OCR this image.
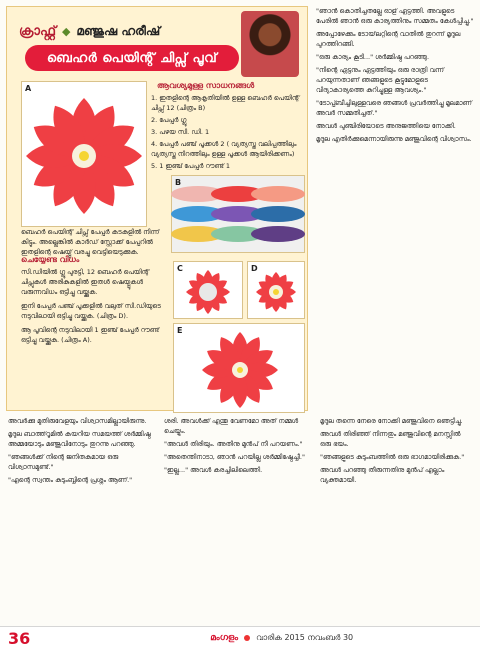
ക്രാഫ്റ്റ് ◆ മഞ്ജുഷ ഹരീഷ്
ബെഹർ പെയിന്റ് ചിപ്സ് പൂവ്
A	ആവശ്യമുള്ള സാധനങ്ങൾ
1. ഇതളിന്റെ ആകൃതിയിൽ ഉള്ള ബെഹർ പെയിന്റ് ചിപ്സ് 12 (ചിത്രം B)
2. പേപ്പർ ഗ്ലൂ
3. പഴയ സി. ഡി. 1
4. പേപ്പർ പഞ്ച് പൂക്കൾ 2 ( വ്യത്യസ്ത വലിപ്പത്തിലും വ്യത്യസ്ത നിറത്തിലും ഉള്ള പൂക്കൾ ആയിരിക്കണം)
5. 1 ഇഞ്ച് പേപ്പർ റൗണ്ട് 1
B
ബെഹർ പെയിന്റ് ചിപ്സ് പേപ്പർ കടകളിൽ നിന്ന് കിട്ടും. അല്ലെങ്കിൽ കാർഡ് സ്റ്റോക്ക് പേപ്പറിൽ ഇതളിന്റെ ഷെയ്പ്പ് വരച്ചു വെട്ടിയെടുക്കുക.
ചെയ്യേണ്ട വിധം
സി.ഡിയിൽ ഗ്ലൂ പുരട്ടി, 12 ബെഹർ പെയിന്റ് ചിപ്സുകൾ അരികുകളിൽ ഇതൾ ഷെയ്പ്പുകൾ വരുന്നവിധം ഒട്ടിച്ചു വയ്ക്കുക.
ഇനി പേപ്പർ പഞ്ച് പൂക്കളിൽ വലുത് സി.ഡിയുടെ നടുവിലായി ഒട്ടിച്ചു വയ്ക്കുക. (ചിത്രം D).
ആ പൂവിന്റെ നടുവിലായി 1 ഇഞ്ച് പേപ്പർ റൗണ്ട് ഒട്ടിച്ചു വയ്ക്കുക. (ചിത്രം A).
C	D
E

"ഞാൻ കൊതിച്ചതല്ലേ ഓള്‌ ഏട്ടത്തി. അവളുടെ പേരിൽ ഞാൻ ഒരു കാര്യത്തിനും സമ്മതം കേൾപ്പിച്ചു."

അപ്പോഴേക്കും ടോയ്‌ലറ്റിന്റെ വാതിൽ തുറന്ന് മൃദുല പുറത്തിറങ്ങി.

"ഒരു കാര്യം കൂടി..." ശർമ്മിഷ്ഠ പറഞ്ഞു.

"നിന്റെ ഏട്ടനും ഏട്ടത്തിയും ഒരു രാത്രി വന്ന് പറയുന്നതാണ് ഞങ്ങളുടെ കൂട്ടുമോളുടെ വിദ്യാകാര്യത്തെ കുറിച്ചുള്ള ആവശ്യം."

"ടോപ്പ്ബീച്ചിലുള്ളവരെ ഞങ്ങൾ പ്രവർത്തിച്ചു മൂലമാണ്‌ അവർ സമ്മതിച്ചത്."

അവൾ പുഞ്ചിരിയോടെ അനുജത്തിയെ നോക്കി.

മൃദുല എതിർക്കുമെന്നായിരുന്നു മഞ്ജുവിന്റെ വിശ്വാസം.

അവർക്കു മുതിരുവേളയും വിശ്വാസമില്ലായിരുന്നു.

മൃദുല ബാത്ത്‌റൂമിൽ കയറിയ സമയത്ത് ശർമ്മിഷ്ഠ അമ്മയോടും മഞ്ജുവിനോടും തുറന്നു പറഞ്ഞു.

"ഞങ്ങൾക്ക് നിന്റെ ജനിതകമായ ഒരു വിശ്വാസമുണ്ട്."

"എന്റെ സ്വന്തം കുടുംബ്ബിന്റെ പ്രശ്നം ആണ്."

ശരി. അവൾക്ക് എന്തു വേണമോ അത് നമ്മൾ ചെയ്യും.

"അവൾ തിരിയും. അതിനു മുൻപ് നീ പറയണം."

"അതെന്തിനാടാ, ഞാൻ പറയില്ല ശർമ്മിഷ്ഠേച്ചീ."

"ഇല്ല..." അവൾ കരച്ചിലിലെത്തി.

മൃദുല തന്നെ നേരെ നോക്കി മഞ്ജുവിനെ ഞെട്ടിച്ചു.

അവൾ തിരിഞ്ഞ് നിന്നതും മഞ്ജുവിന്റെ മനസ്സിൽ ഒരു ഭയം.

"ഞങ്ങളുടെ കുടുംബത്തിൽ ഒരു ഭാഗമായിരിക്കുക."

അവൾ പറഞ്ഞു തീരുന്നതിനു മുൻപ് എല്ലാം വ്യക്തമായി.

36	മംഗളം വാരിക 2015 നവംബർ 30
